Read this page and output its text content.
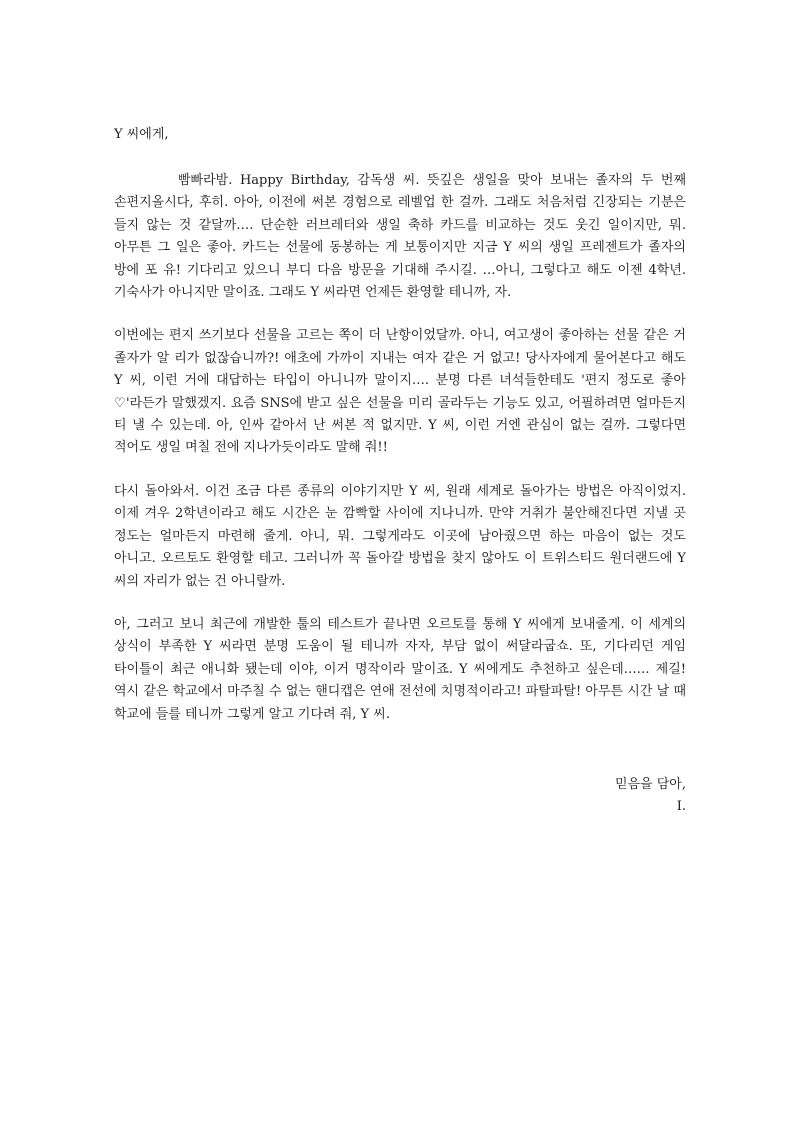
Y 씨에게,

빰빠라밤. Happy Birthday, 감독생 씨. 뜻깊은 생일을 맞아 보내는 졸자의 두 번째 손편지올시다, 후히. 아아, 이전에 써본 경험으로 레벨업 한 걸까. 그래도 처음처럼 긴장되는 기분은 들지 않는 것 같달까…. 단순한 러브레터와 생일 축하 카드를 비교하는 것도 웃긴 일이지만, 뭐. 아무튼 그 일은 좋아. 카드는 선물에 동봉하는 게 보통이지만 지금 Y 씨의 생일 프레젠트가 졸자의 방에 포 유! 기다리고 있으니 부디 다음 방문을 기대해 주시길. …아니, 그렇다고 해도 이젠 4학년. 기숙사가 아니지만 말이죠. 그래도 Y 씨라면 언제든 환영할 테니까, 자.

이번에는 편지 쓰기보다 선물을 고르는 쪽이 더 난항이었달까. 아니, 여고생이 좋아하는 선물 같은 거 졸자가 알 리가 없잖습니까?! 애초에 가까이 지내는 여자 같은 거 없고! 당사자에게 물어본다고 해도 Y 씨, 이런 거에 대답하는 타입이 아니니까 말이지…. 분명 다른 녀석들한테도 '편지 정도로 좋아♡'라든가 말했겠지. 요즘 SNS에 받고 싶은 선물을 미리 골라두는 기능도 있고, 어필하려면 얼마든지 티 낼 수 있는데. 아, 인싸 같아서 난 써본 적 없지만. Y 씨, 이런 거엔 관심이 없는 걸까. 그렇다면 적어도 생일 며칠 전에 지나가듯이라도 말해 줘!!

다시 돌아와서. 이건 조금 다른 종류의 이야기지만 Y 씨, 원래 세계로 돌아가는 방법은 아직이었지. 이제 겨우 2학년이라고 해도 시간은 눈 깜빡할 사이에 지나니까. 만약 거취가 불안해진다면 지낼 곳 정도는 얼마든지 마련해 줄게. 아니, 뭐. 그렇게라도 이곳에 남아줬으면 하는 마음이 없는 것도 아니고. 오르토도 환영할 테고. 그러니까 꼭 돌아갈 방법을 찾지 않아도 이 트위스티드 원더랜드에 Y 씨의 자리가 없는 건 아니랄까.

아, 그러고 보니 최근에 개발한 툴의 테스트가 끝나면 오르토를 통해 Y 씨에게 보내줄게. 이 세계의 상식이 부족한 Y 씨라면 분명 도움이 될 테니까 자자, 부담 없이 써달라굽쇼. 또, 기다리던 게임 타이틀이 최근 애니화 됐는데 이야, 이거 명작이라 말이죠. Y 씨에게도 추천하고 싶은데…… 제길! 역시 같은 학교에서 마주칠 수 없는 핸디캡은 연애 전선에 치명적이라고! 파탈파탈! 아무튼 시간 날 때 학교에 들를 테니까 그렇게 알고 기다려 줘, Y 씨.

믿음을 담아,
I.
